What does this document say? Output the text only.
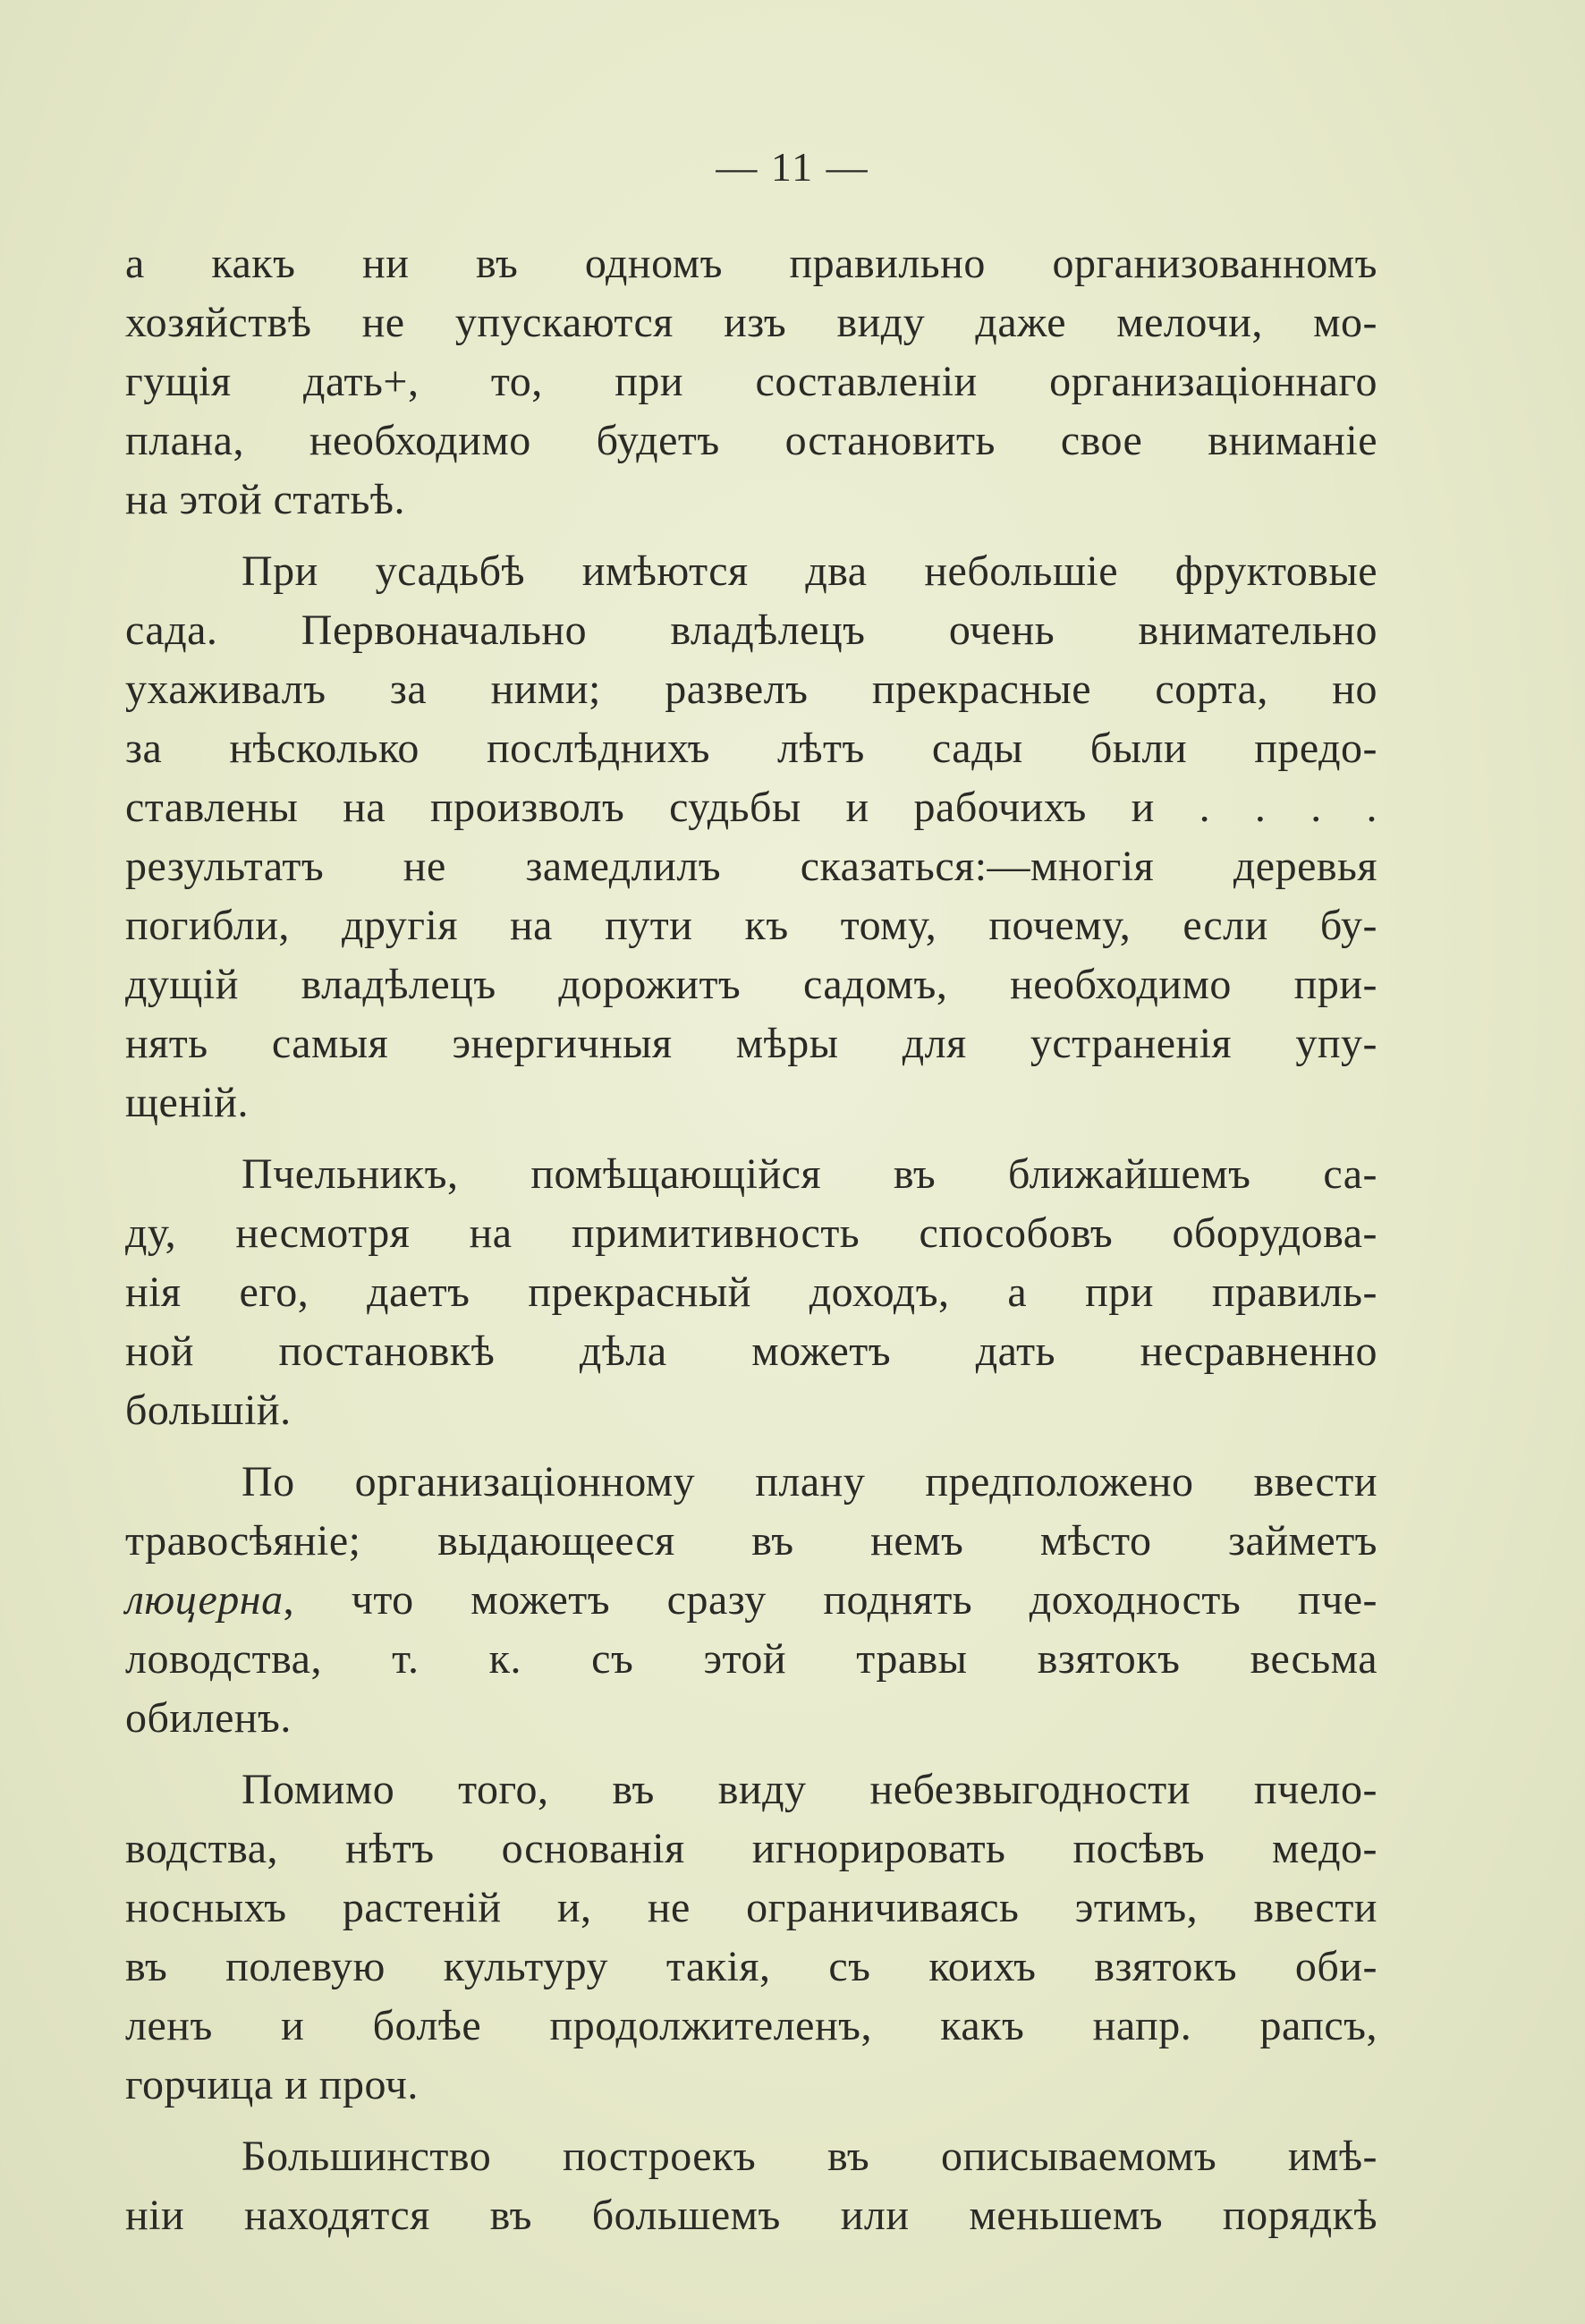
— 11 —
а какъ ни въ одномъ правильно организованномъ
хозяйствѣ не упускаются изъ виду даже мелочи, мо-
гущія дать+, то, при составленіи организаціоннаго
плана, необходимо будетъ остановить свое вниманіе
на этой статьѣ.
При усадьбѣ имѣются два небольшіе фруктовые
сада. Первоначально владѣлецъ очень внимательно
ухаживалъ за ними; развелъ прекрасные сорта, но
за нѣсколько послѣднихъ лѣтъ сады были предо-
ставлены на произволъ судьбы и рабочихъ и . . . .
результатъ не замедлилъ сказаться:—многія деревья
погибли, другія на пути къ тому, почему, если бу-
дущій владѣлецъ дорожитъ садомъ, необходимо при-
нять самыя энергичныя мѣры для устраненія упу-
щеній.
Пчельникъ, помѣщающійся въ ближайшемъ са-
ду, несмотря на примитивность способовъ оборудова-
нія его, даетъ прекрасный доходъ, а при правиль-
ной постановкѣ дѣла можетъ дать несравненно
большій.
По организаціонному плану предположено ввести
травосѣяніе; выдающееся въ немъ мѣсто займетъ
люцерна, что можетъ сразу поднять доходность пче-
ловодства, т. к. съ этой травы взятокъ весьма
обиленъ.
Помимо того, въ виду небезвыгодности пчело-
водства, нѣтъ основанія игнорировать посѣвъ медо-
носныхъ растеній и, не ограничиваясь этимъ, ввести
въ полевую культуру такія, съ коихъ взятокъ оби-
ленъ и болѣе продолжителенъ, какъ напр. рапсъ,
горчица и проч.
Большинство построекъ въ описываемомъ имѣ-
ніи находятся въ большемъ или меньшемъ порядкѣ
